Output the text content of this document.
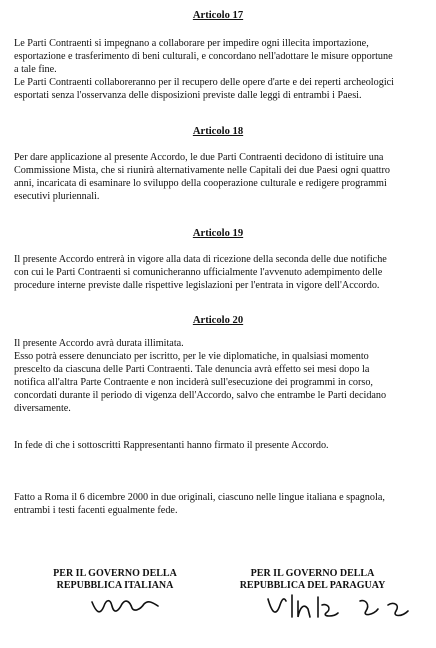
Articolo 17
Le Parti Contraenti si impegnano a collaborare per impedire ogni illecita importazione,
esportazione e trasferimento di beni culturali, e concordano nell'adottare le misure opportune
a tale fine.
Le Parti Contraenti collaboreranno per il recupero delle opere d'arte e dei reperti archeologici
esportati senza l'osservanza delle disposizioni previste dalle leggi di entrambi i Paesi.
Articolo 18
Per dare applicazione al presente Accordo, le due Parti Contraenti decidono di istituire una
Commissione Mista, che si riunirà alternativamente nelle Capitali dei due Paesi ogni quattro
anni, incaricata di esaminare lo sviluppo della cooperazione culturale e redigere programmi
esecutivi pluriennali.
Articolo 19
Il presente Accordo entrerà in vigore alla data di ricezione della seconda delle due notifiche
con cui le Parti Contraenti si comunicheranno ufficialmente l'avvenuto adempimento delle
procedure interne previste dalle rispettive legislazioni per l'entrata in vigore dell'Accordo.
Articolo 20
Il presente Accordo avrà durata illimitata.
Esso potrà essere denunciato per iscritto, per le vie diplomatiche, in qualsiasi momento
prescelto da ciascuna delle Parti Contraenti. Tale denuncia avrà effetto sei mesi dopo la
notifica all'altra Parte Contraente e non inciderà sull'esecuzione dei programmi in corso,
concordati durante il periodo di vigenza dell'Accordo, salvo che entrambe le Parti decidano
diversamente.
In fede di che i sottoscritti Rappresentanti hanno firmato il presente Accordo.
Fatto a Roma il 6 dicembre 2000 in due originali, ciascuno nelle lingue italiana e spagnola,
entrambi i testi facenti egualmente fede.
PER IL GOVERNO DELLA
REPUBBLICA ITALIANA
PER IL GOVERNO DELLA
REPUBBLICA DEL PARAGUAY
